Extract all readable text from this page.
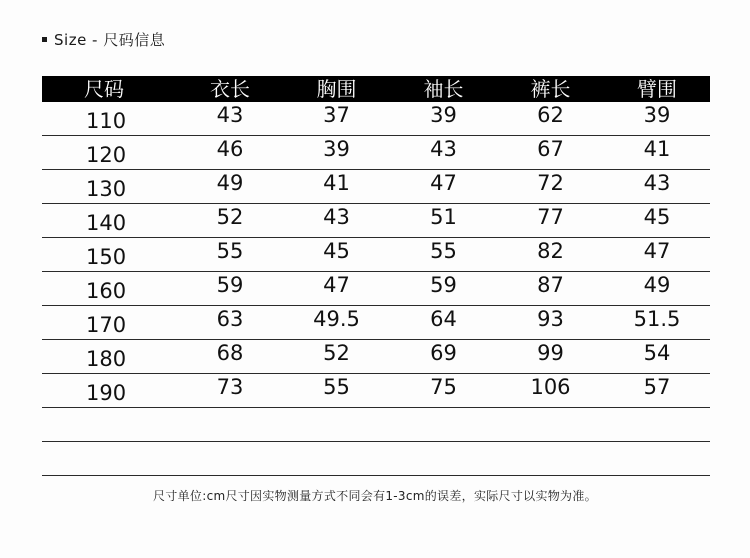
Size - 尺码信息
尺码	衣长	胸围	袖长	裤长	臂围
110	43	37	39	62	39
120	46	39	43	67	41
130	49	41	47	72	43
140	52	43	51	77	45
150	55	45	55	82	47
160	59	47	59	87	49
170	63	49.5	64	93	51.5
180	68	52	69	99	54
190	73	55	75	106	57
尺寸单位:cm尺寸因实物测量方式不同会有1-3cm的误差，实际尺寸以实物为准。
